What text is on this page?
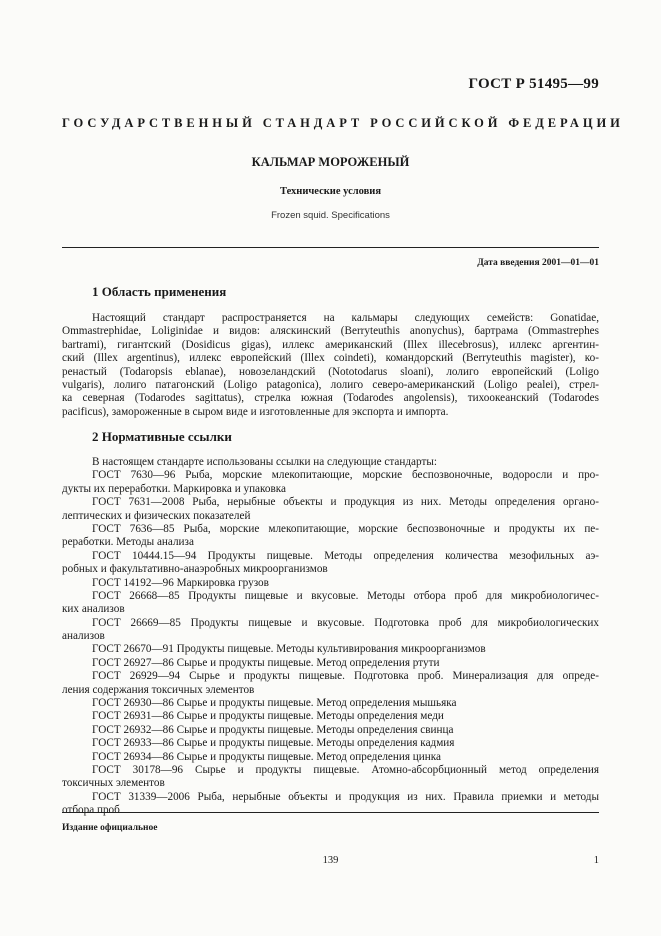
ГОСТ Р 51495—99
ГОСУДАРСТВЕННЫЙ СТАНДАРТ РОССИЙСКОЙ ФЕДЕРАЦИИ
КАЛЬМАР МОРОЖЕНЫЙ
Технические условия
Frozen squid. Specifications
Дата введения 2001—01—01
1 Область применения
Настоящий стандарт распространяется на кальмары следующих семейств: Gonatidae,
Ommastrephidae, Loliginidae и видов: аляскинский (Berryteuthis anonychus), бартрама (Ommastrephes
bartrami), гигантский (Dosidicus gigas), иллекс американский (Illex illecebrosus), иллекс аргентин-
ский (Illex argentinus), иллекс европейский (Illex coindeti), командорский (Berryteuthis magister), ко-
ренастый (Todaropsis eblanae), новозеландский (Nototodarus sloani), лолиго европейский (Loligo
vulgaris), лолиго патагонский (Loligo patagonica), лолиго северо-американский (Loligo pealei), стрел-
ка северная (Todarodes sagittatus), стрелка южная (Todarodes angolensis), тихоокеанский (Todarodes
pacificus), замороженные в сыром виде и изготовленные для экспорта и импорта.
2 Нормативные ссылки
В настоящем стандарте использованы ссылки на следующие стандарты:
ГОСТ 7630—96 Рыба, морские млекопитающие, морские беспозвоночные, водоросли и про-
дукты их переработки. Маркировка и упаковка
ГОСТ 7631—2008 Рыба, нерыбные объекты и продукция из них. Методы определения органо-
лептических и физических показателей
ГОСТ 7636—85 Рыба, морские млекопитающие, морские беспозвоночные и продукты их пе-
реработки. Методы анализа
ГОСТ 10444.15—94 Продукты пищевые. Методы определения количества мезофильных аэ-
робных и факультативно-анаэробных микроорганизмов
ГОСТ 14192—96 Маркировка грузов
ГОСТ 26668—85 Продукты пищевые и вкусовые. Методы отбора проб для микробиологичес-
ких анализов
ГОСТ 26669—85 Продукты пищевые и вкусовые. Подготовка проб для микробиологических
анализов
ГОСТ 26670—91 Продукты пищевые. Методы культивирования микроорганизмов
ГОСТ 26927—86 Сырье и продукты пищевые. Метод определения ртути
ГОСТ 26929—94 Сырье и продукты пищевые. Подготовка проб. Минерализация для опреде-
ления содержания токсичных элементов
ГОСТ 26930—86 Сырье и продукты пищевые. Метод определения мышьяка
ГОСТ 26931—86 Сырье и продукты пищевые. Методы определения меди
ГОСТ 26932—86 Сырье и продукты пищевые. Методы определения свинца
ГОСТ 26933—86 Сырье и продукты пищевые. Методы определения кадмия
ГОСТ 26934—86 Сырье и продукты пищевые. Метод определения цинка
ГОСТ 30178—96 Сырье и продукты пищевые. Атомно-абсорбционный метод определения
токсичных элементов
ГОСТ 31339—2006 Рыба, нерыбные объекты и продукция из них. Правила приемки и методы
отбора проб
Издание официальное
139	1
